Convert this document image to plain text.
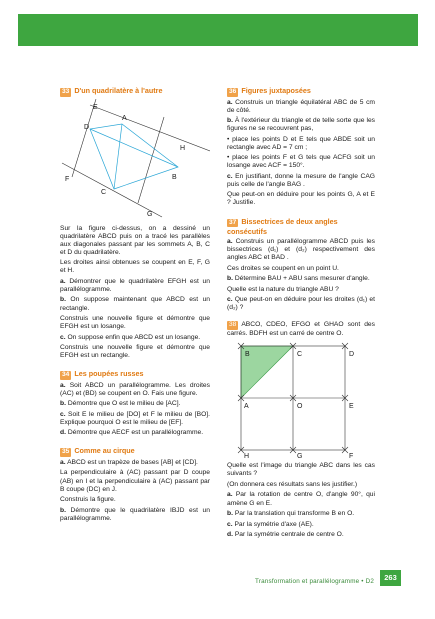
33 D'un quadrilatère à l'autre
E
D
A
H
B
F
C
G

Sur la figure ci-dessus, on a dessiné un quadrilatère ABCD puis on a tracé les parallèles aux diagonales passant par les sommets A, B, C et D du quadrilatère.

Les droites ainsi obtenues se coupent en E, F, G et H.

a. Démontrer que le quadrilatère EFGH est un parallélogramme.

b. On suppose maintenant que ABCD est un rectangle.

Construis une nouvelle figure et démontre que EFGH est un losange.

c. On suppose enfin que ABCD est un losange.

Construis une nouvelle figure et démontre que EFGH est un rectangle.

34 Les poupées russes

a. Soit ABCD un parallélogramme. Les droites (AC) et (BD) se coupent en O. Fais une figure.

b. Démontre que O est le milieu de [AC].

c. Soit E le milieu de [DO] et F le milieu de [BO]. Explique pourquoi O est le milieu de [EF].

d. Démontre que AECF est un parallélogramme.

35 Comme au cirque

a. ABCD est un trapèze de bases [AB] et [CD].

La perpendiculaire à (AC) passant par D coupe (AB) en I et la perpendiculaire à (AC) passant par B coupe (DC) en J.

Construis la figure.

b. Démontre que le quadrilatère IBJD est un parallélogramme.

36 Figures juxtaposées

a. Construis un triangle équilatéral ABC de 5 cm de côté.

b. À l'extérieur du triangle et de telle sorte que les figures ne se recouvrent pas,

• place les points D et E tels que ABDE soit un rectangle avec AD = 7 cm ;

• place les points F et G tels que ACFG soit un losange avec ACF = 150°.

c. En justifiant, donne la mesure de l'angle CAG puis celle de l'angle BAG .

Que peut-on en déduire pour les points G, A et E ? Justifie.

37 Bissectrices de deux angles consécutifs

a. Construis un parallélogramme ABCD puis les bissectrices (d₁) et (d₂) respectivement des angles ABC et BAD .

Ces droites se coupent en un point U.

b. Détermine BAU + ABU sans mesurer d'angle.

Quelle est la nature du triangle ABU ?

c. Que peut-on en déduire pour les droites (d₁) et (d₂) ?

38 ABCO, CDEO, EFGO et GHAO sont des carrés. BDFH est un carré de centre O.

B	C	D
A	O	E
H	G	F

Quelle est l'image du triangle ABC dans les cas suivants ?

(On donnera ces résultats sans les justifier.)

a. Par la rotation de centre O, d'angle 90°, qui amène G en E.

b. Par la translation qui transforme B en O.

c. Par la symétrie d'axe (AE).

d. Par la symétrie centrale de centre O.

Transformation et parallélogramme • D2	263
